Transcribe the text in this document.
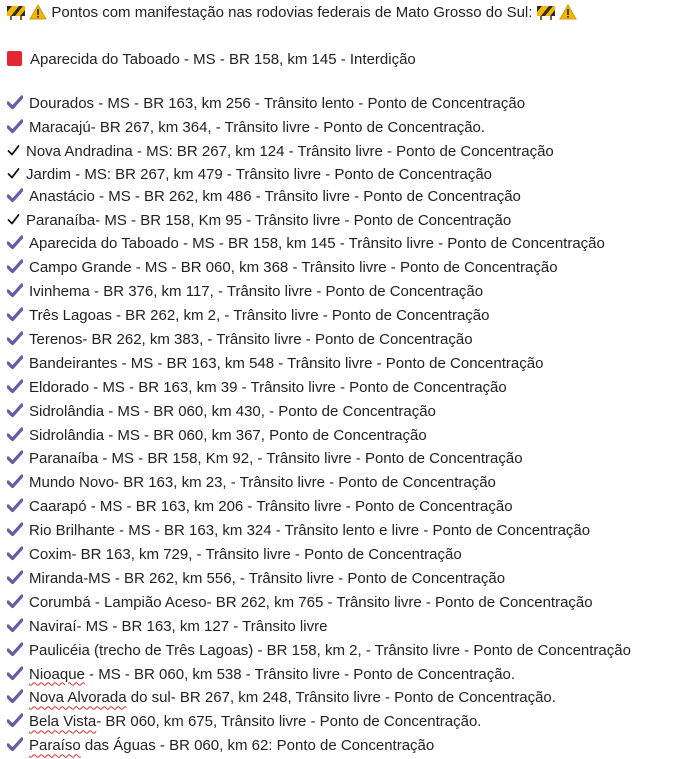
Pontos com manifestação nas rodovias federais de Mato Grosso do Sul:
Aparecida do Taboado - MS - BR 158, km 145 - Interdição
Dourados - MS - BR 163, km 256 - Trânsito lento - Ponto de Concentração
Maracajú- BR 267, km 364, - Trânsito livre - Ponto de Concentração.
Nova Andradina - MS: BR 267, km 124 - Trânsito livre - Ponto de Concentração
Jardim - MS: BR 267, km 479 - Trânsito livre - Ponto de Concentração
Anastácio - MS - BR 262, km 486 - Trânsito livre - Ponto de Concentração
Paranaíba- MS - BR 158, Km 95 - Trânsito livre - Ponto de Concentração
Aparecida do Taboado - MS - BR 158, km 145 - Trânsito livre - Ponto de Concentração
Campo Grande - MS - BR 060, km 368 - Trânsito livre - Ponto de Concentração
Ivinhema - BR 376, km 117, - Trânsito livre - Ponto de Concentração
Três Lagoas - BR 262, km 2, - Trânsito livre - Ponto de Concentração
Terenos- BR 262, km 383, - Trânsito livre - Ponto de Concentração
Bandeirantes - MS - BR 163, km 548 - Trânsito livre - Ponto de Concentração
Eldorado - MS - BR 163, km 39 - Trânsito livre - Ponto de Concentração
Sidrolândia - MS - BR 060, km 430, - Ponto de Concentração
Sidrolândia - MS - BR 060, km 367, Ponto de Concentração
Paranaíba - MS - BR 158, Km 92, - Trânsito livre - Ponto de Concentração
Mundo Novo- BR 163, km 23, - Trânsito livre - Ponto de Concentração
Caarapó - MS - BR 163, km 206 - Trânsito livre - Ponto de Concentração
Rio Brilhante - MS - BR 163, km 324 - Trânsito lento e livre - Ponto de Concentração
Coxim- BR 163, km 729, - Trânsito livre - Ponto de Concentração
Miranda-MS - BR 262, km 556, - Trânsito livre - Ponto de Concentração
Corumbá - Lampião Aceso- BR 262, km 765 - Trânsito livre - Ponto de Concentração
Naviraí- MS - BR 163, km 127 - Trânsito livre
Paulicéia (trecho de Três Lagoas) - BR 158, km 2, - Trânsito livre - Ponto de Concentração
Nioaque - MS - BR 060, km 538 - Trânsito livre - Ponto de Concentração.
Nova Alvorada do sul- BR 267, km 248, Trânsito livre - Ponto de Concentração.
Bela Vista- BR 060, km 675, Trânsito livre - Ponto de Concentração.
Paraíso das Águas - BR 060, km 62: Ponto de Concentração
